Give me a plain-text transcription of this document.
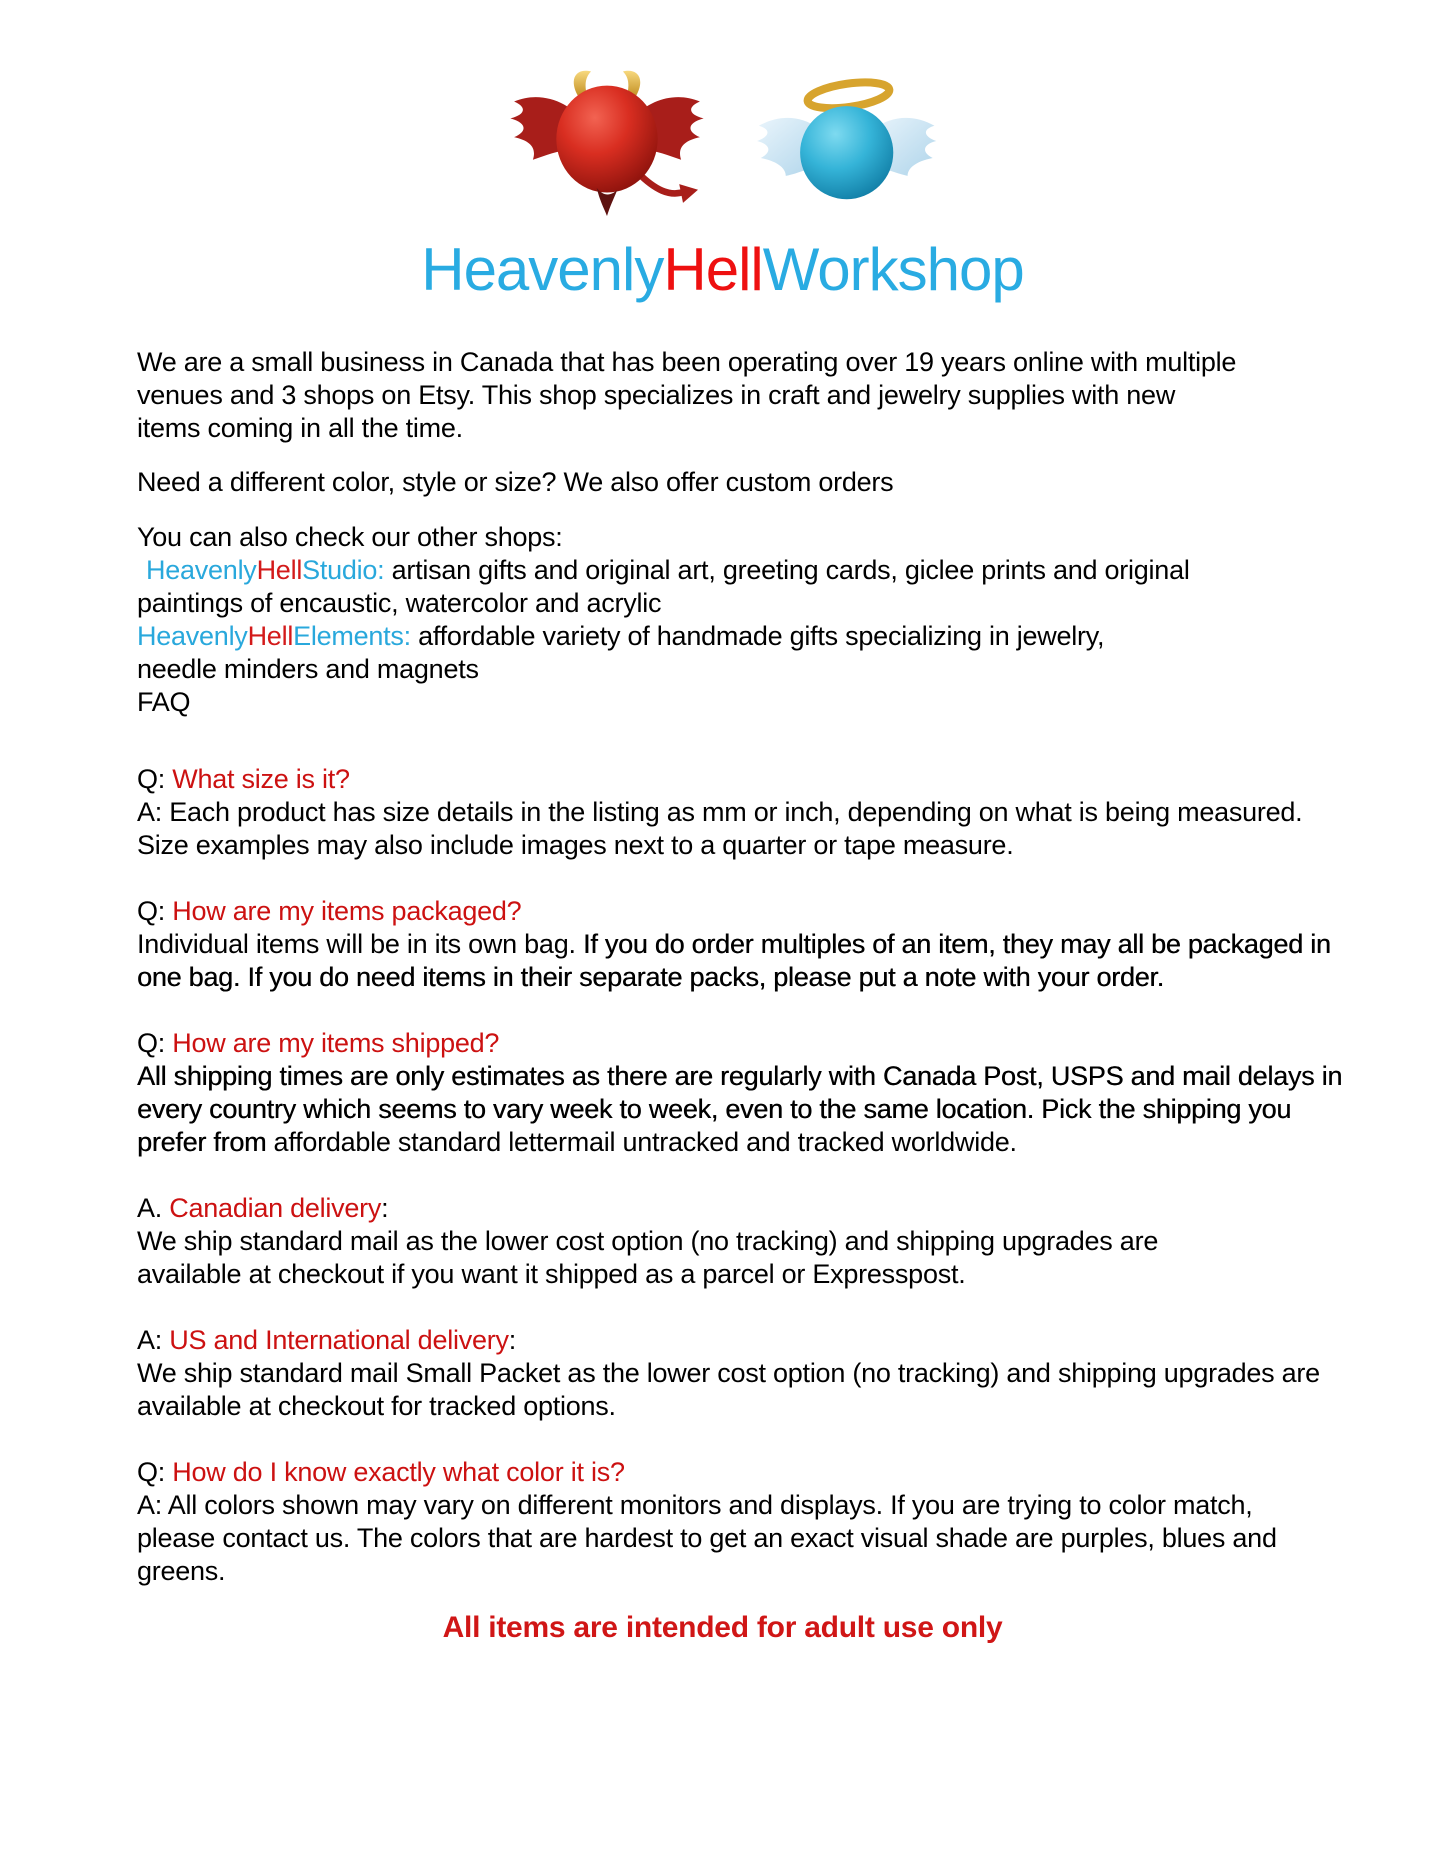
HeavenlyHellWorkshop

We are a small business in Canada that has been operating over 19 years online with multiple
venues and 3 shops on Etsy. This shop specializes in craft and jewelry supplies with new
items coming in all the time.

Need a different color, style or size? We also offer custom orders

You can also check our other shops:
HeavenlyHellStudio: artisan gifts and original art, greeting cards, giclee prints and original
paintings of encaustic, watercolor and acrylic
HeavenlyHellElements: affordable variety of handmade gifts specializing in jewelry,
needle minders and magnets
FAQ

Q: What size is it?
A: Each product has size details in the listing as mm or inch, depending on what is being measured.
Size examples may also include images next to a quarter or tape measure.

Q: How are my items packaged?
Individual items will be in its own bag. If you do order multiples of an item, they may all be packaged in
one bag. If you do need items in their separate packs, please put a note with your order.

Q: How are my items shipped?
All shipping times are only estimates as there are regularly with Canada Post, USPS and mail delays in
every country which seems to vary week to week, even to the same location. Pick the shipping you
prefer from affordable standard lettermail untracked and tracked worldwide.

A. Canadian delivery:
We ship standard mail as the lower cost option (no tracking) and shipping upgrades are
available at checkout if you want it shipped as a parcel or Expresspost.

A: US and International delivery:
We ship standard mail Small Packet as the lower cost option (no tracking) and shipping upgrades are
available at checkout for tracked options.

Q: How do I know exactly what color it is?
A: All colors shown may vary on different monitors and displays. If you are trying to color match,
please contact us. The colors that are hardest to get an exact visual shade are purples, blues and
greens.

All items are intended for adult use only
